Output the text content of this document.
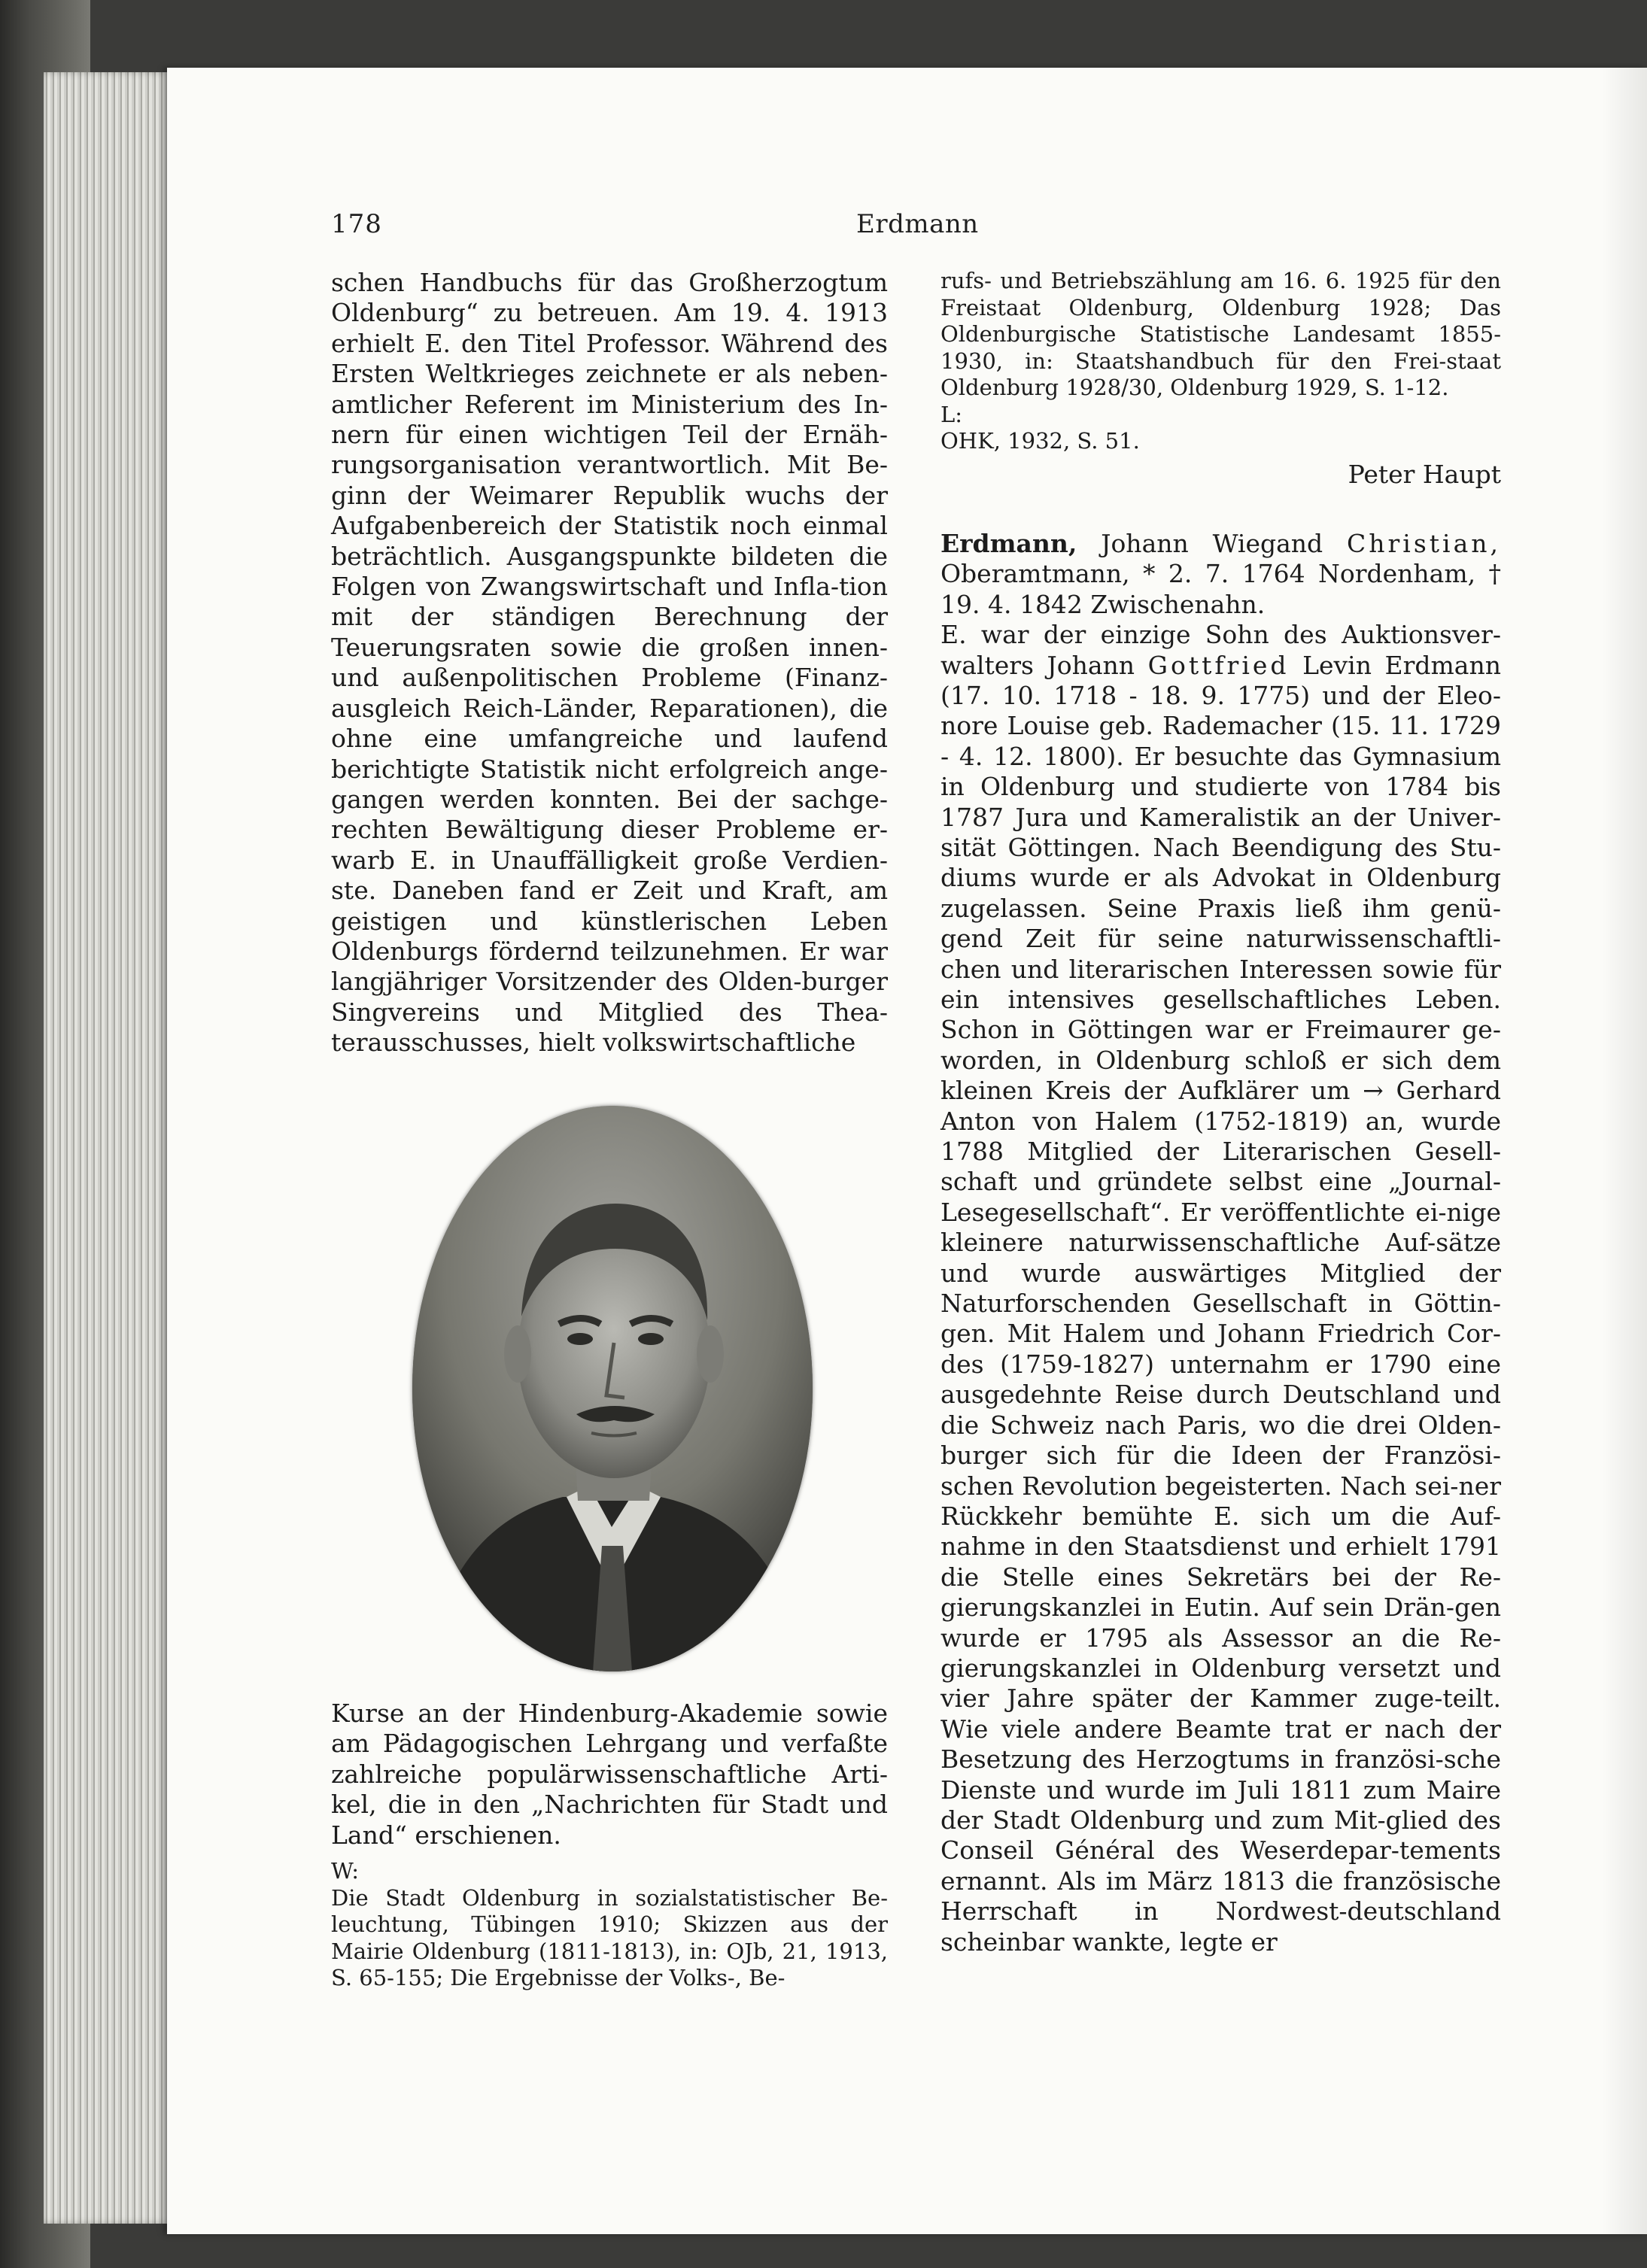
178	Erdmann

schen Handbuchs für das Großherzogtum Oldenburg“ zu betreuen. Am 19. 4. 1913 erhielt E. den Titel Professor. Während des Ersten Weltkrieges zeichnete er als neben-amtlicher Referent im Ministerium des In-nern für einen wichtigen Teil der Ernäh-rungsorganisation verantwortlich. Mit Be-ginn der Weimarer Republik wuchs der Aufgabenbereich der Statistik noch einmal beträchtlich. Ausgangspunkte bildeten die Folgen von Zwangswirtschaft und Infla-tion mit der ständigen Berechnung der Teuerungsraten sowie die großen innen- und außenpolitischen Probleme (Finanz-ausgleich Reich-Länder, Reparationen), die ohne eine umfangreiche und laufend berichtigte Statistik nicht erfolgreich ange-gangen werden konnten. Bei der sachge-rechten Bewältigung dieser Probleme er-warb E. in Unauffälligkeit große Verdien-ste. Daneben fand er Zeit und Kraft, am geistigen und künstlerischen Leben Oldenburgs fördernd teilzunehmen. Er war langjähriger Vorsitzender des Olden-burger Singvereins und Mitglied des Thea-terausschusses, hielt volkswirtschaftliche

Kurse an der Hindenburg-Akademie sowie am Pädagogischen Lehrgang und verfaßte zahlreiche populärwissenschaftliche Arti-kel, die in den „Nachrichten für Stadt und Land“ erschienen.

W:

Die Stadt Oldenburg in sozialstatistischer Be-leuchtung, Tübingen 1910; Skizzen aus der Mairie Oldenburg (1811-1813), in: OJb, 21, 1913, S. 65-155; Die Ergebnisse der Volks-, Be-

rufs- und Betriebszählung am 16. 6. 1925 für den Freistaat Oldenburg, Oldenburg 1928; Das Oldenburgische Statistische Landesamt 1855-1930, in: Staatshandbuch für den Frei-staat Oldenburg 1928/30, Oldenburg 1929, S. 1-12.

L:

OHK, 1932, S. 51.

Peter Haupt

Erdmann, Johann Wiegand Christian, Oberamtmann, * 2. 7. 1764 Nordenham, † 19. 4. 1842 Zwischenahn.

E. war der einzige Sohn des Auktionsver-walters Johann Gottfried Levin Erdmann (17. 10. 1718 - 18. 9. 1775) und der Eleo-nore Louise geb. Rademacher (15. 11. 1729 - 4. 12. 1800). Er besuchte das Gymnasium in Oldenburg und studierte von 1784 bis 1787 Jura und Kameralistik an der Univer-sität Göttingen. Nach Beendigung des Stu-diums wurde er als Advokat in Oldenburg zugelassen. Seine Praxis ließ ihm genü-gend Zeit für seine naturwissenschaftli-chen und literarischen Interessen sowie für ein intensives gesellschaftliches Leben. Schon in Göttingen war er Freimaurer ge-worden, in Oldenburg schloß er sich dem kleinen Kreis der Aufklärer um → Gerhard Anton von Halem (1752-1819) an, wurde 1788 Mitglied der Literarischen Gesell-schaft und gründete selbst eine „Journal-Lesegesellschaft“. Er veröffentlichte ei-nige kleinere naturwissenschaftliche Auf-sätze und wurde auswärtiges Mitglied der Naturforschenden Gesellschaft in Göttin-gen. Mit Halem und Johann Friedrich Cor-des (1759-1827) unternahm er 1790 eine ausgedehnte Reise durch Deutschland und die Schweiz nach Paris, wo die drei Olden-burger sich für die Ideen der Französi-schen Revolution begeisterten. Nach sei-ner Rückkehr bemühte E. sich um die Auf-nahme in den Staatsdienst und erhielt 1791 die Stelle eines Sekretärs bei der Re-gierungskanzlei in Eutin. Auf sein Drän-gen wurde er 1795 als Assessor an die Re-gierungskanzlei in Oldenburg versetzt und vier Jahre später der Kammer zuge-teilt. Wie viele andere Beamte trat er nach der Besetzung des Herzogtums in französi-sche Dienste und wurde im Juli 1811 zum Maire der Stadt Oldenburg und zum Mit-glied des Conseil Général des Weserdepar-tements ernannt. Als im März 1813 die französische Herrschaft in Nordwest-deutschland scheinbar wankte, legte er
